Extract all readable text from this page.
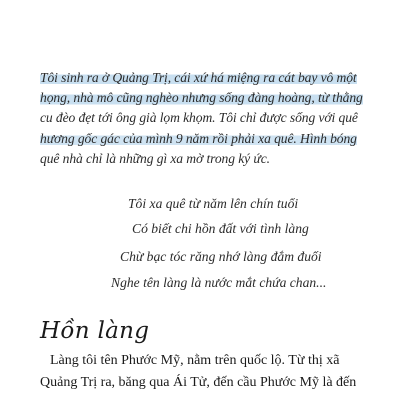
Tôi sinh ra ở Quảng Trị, cái xứ há miệng ra cát bay vô một
họng, nhà mô cũng nghèo nhưng sống đàng hoàng, từ thằng
cu đèo đẹt tới ông già lọm khọm. Tôi chỉ được sống với quê
hương gốc gác của mình 9 năm rồi phải xa quê. Hình bóng
quê nhà chỉ là những gì xa mờ trong ký ức.
Tôi xa quê từ năm lên chín tuổi
Có biết chi hồn đất với tình làng
Chừ bạc tóc răng nhớ làng đắm đuối
Nghe tên làng là nước mắt chứa chan...
Hồn làng
Làng tôi tên Phước Mỹ, nằm trên quốc lộ. Từ thị xã
Quảng Trị ra, băng qua Ái Tử, đến cầu Phước Mỹ là đến
